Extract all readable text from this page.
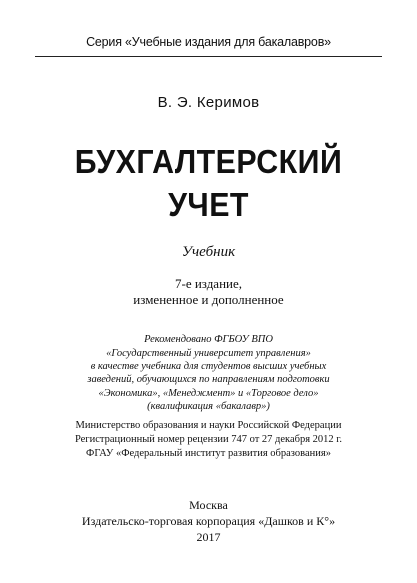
Серия «Учебные издания для бакалавров»
В. Э. Керимов
БУХГАЛТЕРСКИЙ
УЧЕТ
Учебник
7-е издание,
измененное и дополненное
Рекомендовано ФГБОУ ВПО
«Государственный университет управления»
в качестве учебника для студентов высших учебных
заведений, обучающихся по направлениям подготовки
«Экономика», «Менеджмент» и «Торговое дело»
(квалификация «бакалавр»)
Министерство образования и науки Российской Федерации
Регистрационный номер рецензии 747 от 27 декабря 2012 г.
ФГАУ «Федеральный институт развития образования»
Москва
Издательско-торговая корпорация «Дашков и К°»
2017
